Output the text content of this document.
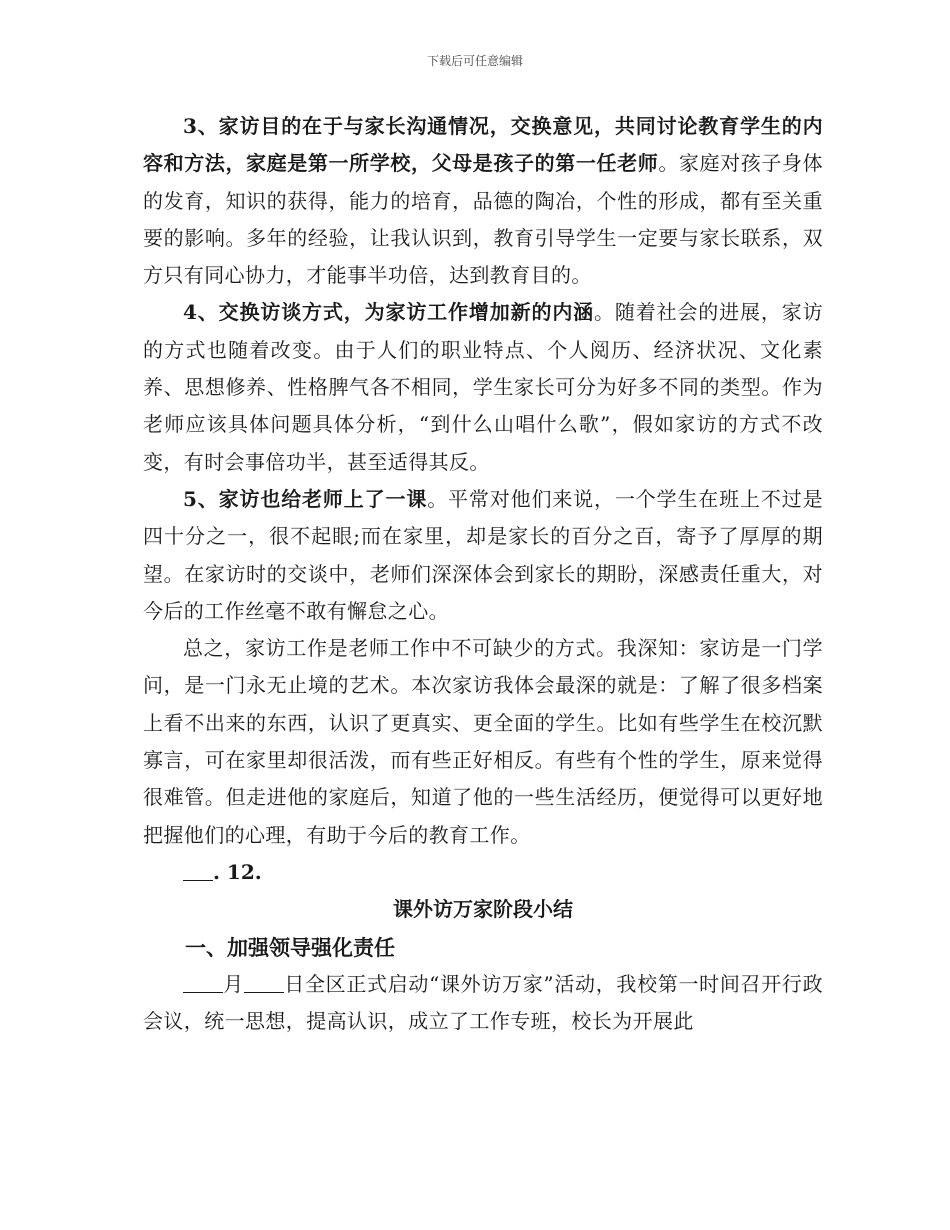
下载后可任意编辑

3、家访目的在于与家长沟通情况，交换意见，共同讨论教育学生的内容和方法，家庭是第一所学校，父母是孩子的第一任老师。家庭对孩子身体的发育，知识的获得，能力的培育，品德的陶冶，个性的形成，都有至关重要的影响。多年的经验，让我认识到，教育引导学生一定要与家长联系，双方只有同心协力，才能事半功倍，达到教育目的。

4、交换访谈方式，为家访工作增加新的内涵。随着社会的进展，家访的方式也随着改变。由于人们的职业特点、个人阅历、经济状况、文化素养、思想修养、性格脾气各不相同，学生家长可分为好多不同的类型。作为老师应该具体问题具体分析，“到什么山唱什么歌”，假如家访的方式不改变，有时会事倍功半，甚至适得其反。

5、家访也给老师上了一课。平常对他们来说，一个学生在班上不过是四十分之一，很不起眼;而在家里，却是家长的百分之百，寄予了厚厚的期望。在家访时的交谈中，老师们深深体会到家长的期盼，深感责任重大，对今后的工作丝毫不敢有懈怠之心。

总之，家访工作是老师工作中不可缺少的方式。我深知：家访是一门学问，是一门永无止境的艺术。本次家访我体会最深的就是：了解了很多档案上看不出来的东西，认识了更真实、更全面的学生。比如有些学生在校沉默寡言，可在家里却很活泼，而有些正好相反。有些有个性的学生，原来觉得很难管。但走进他的家庭后，知道了他的一些生活经历，便觉得可以更好地把握他们的心理，有助于今后的教育工作。

. 12.

课外访万家阶段小结

一、加强领导强化责任

月 日全区正式启动“课外访万家”活动，我校第一时间召开行政会议，统一思想，提高认识，成立了工作专班，校长为开展此
